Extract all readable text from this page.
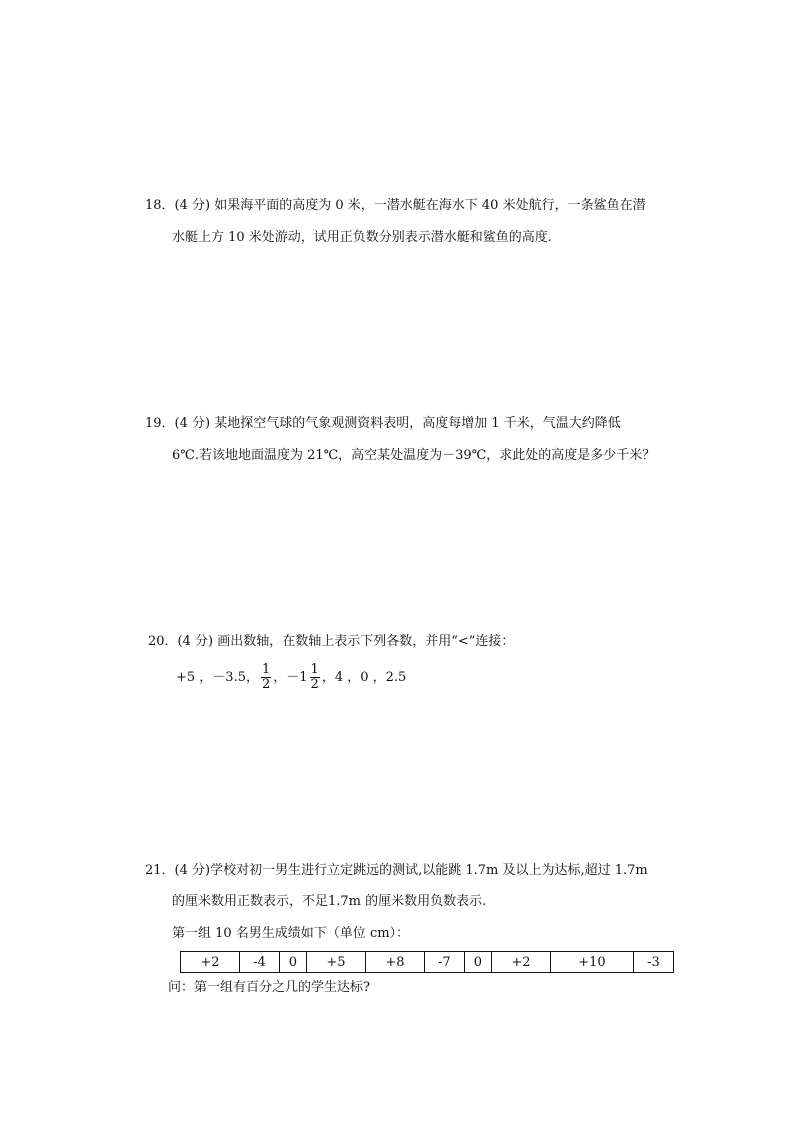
18．(4 分) 如果海平面的高度为 0 米，一潜水艇在海水下 40 米处航行，一条鲨鱼在潜
水艇上方 10 米处游动，试用正负数分别表示潜水艇和鲨鱼的高度.
19．(4 分) 某地探空气球的气象观测资料表明，高度每增加 1 千米，气温大约降低
6℃.若该地地面温度为 21℃，高空某处温度为－39℃，求此处的高度是多少千米？
20．(4 分) 画出数轴，在数轴上表示下列各数，并用“<”连接：
+5 ，－3.5， $\frac{1}{2}$ ，$-1 \frac{1}{2}$ ，4 ，0 ，2.5
21．(4 分)学校对初一男生进行立定跳远的测试,以能跳 1.7m 及以上为达标,超过 1.7m
的厘米数用正数表示，不足1.7m 的厘米数用负数表示.
第一组 10 名男生成绩如下（单位 cm）：
+2	-4	0	+5	+8	-7	0	+2	+10	-3
问：第一组有百分之几的学生达标?
